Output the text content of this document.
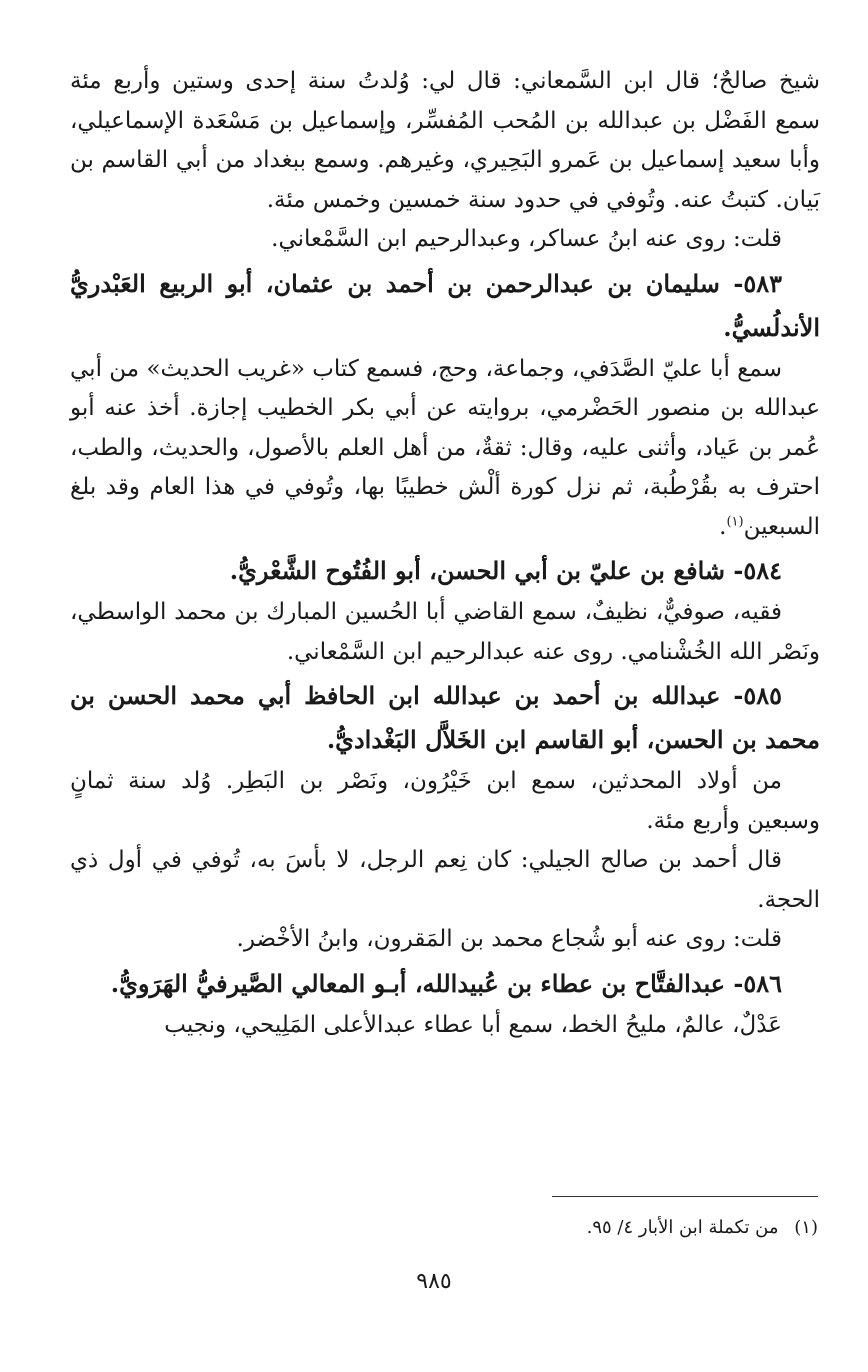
شيخ صالحٌ؛ قال ابن السَّمعاني: قال لي: وُلدتُ سنة إحدى وستين وأربع مئة سمع الفَضْل بن عبدالله بن المُحب المُفسِّر، وإسماعيل بن مَسْعَدة الإسماعيلي، وأبا سعيد إسماعيل بن عَمرو البَحِيري، وغيرهم. وسمع ببغداد من أبي القاسم بن بَيان. كتبتُ عنه. وتُوفي في حدود سنة خمسين وخمس مئة.

قلت: روى عنه ابنُ عساكر، وعبدالرحيم ابن السَّمْعاني.

٥٨٣- سليمان بن عبدالرحمن بن أحمد بن عثمان، أبو الربيع العَبْدريُّ الأندلُسيُّ.

سمع أبا عليّ الصَّدَفي، وجماعة، وحج، فسمع كتاب «غريب الحديث» من أبي عبدالله بن منصور الحَضْرمي، بروايته عن أبي بكر الخطيب إجازة. أخذ عنه أبو عُمر بن عَياد، وأثنى عليه، وقال: ثقةٌ، من أهل العلم بالأصول، والحديث، والطب، احترف به بقُرْطُبة، ثم نزل كورة ألْش خطيبًا بها، وتُوفي في هذا العام وقد بلغ السبعين$^{(١)}$.

٥٨٤- شافع بن عليّ بن أبي الحسن، أبو الفُتُوح الشَّعْريُّ.

فقيه، صوفيٌّ، نظيفٌ، سمع القاضي أبا الحُسين المبارك بن محمد الواسطي، ونَصْر الله الخُشْنامي. روى عنه عبدالرحيم ابن السَّمْعاني.

٥٨٥- عبدالله بن أحمد بن عبدالله ابن الحافظ أبي محمد الحسن بن محمد بن الحسن، أبو القاسم ابن الخَلاَّل البَغْداديُّ.

من أولاد المحدثين، سمع ابن خَيْرُون، ونَصْر بن البَطِر. وُلد سنة ثمانٍ وسبعين وأربع مئة.

قال أحمد بن صالح الجيلي: كان نِعم الرجل، لا بأسَ به، تُوفي في أول ذي الحجة.

قلت: روى عنه أبو شُجاع محمد بن المَقرون، وابنُ الأخْضر.

٥٨٦- عبدالفتَّاح بن عطاء بن عُبيدالله، أبـو المعالي الصَّيرفيُّ الهَرَويُّ.

عَدْلٌ، عالمٌ، مليحُ الخط، سمع أبا عطاء عبدالأعلى المَلِيحي، ونجيب

(١) من تكملة ابن الأبار ٤/ ٩٥.
٩٨٥
